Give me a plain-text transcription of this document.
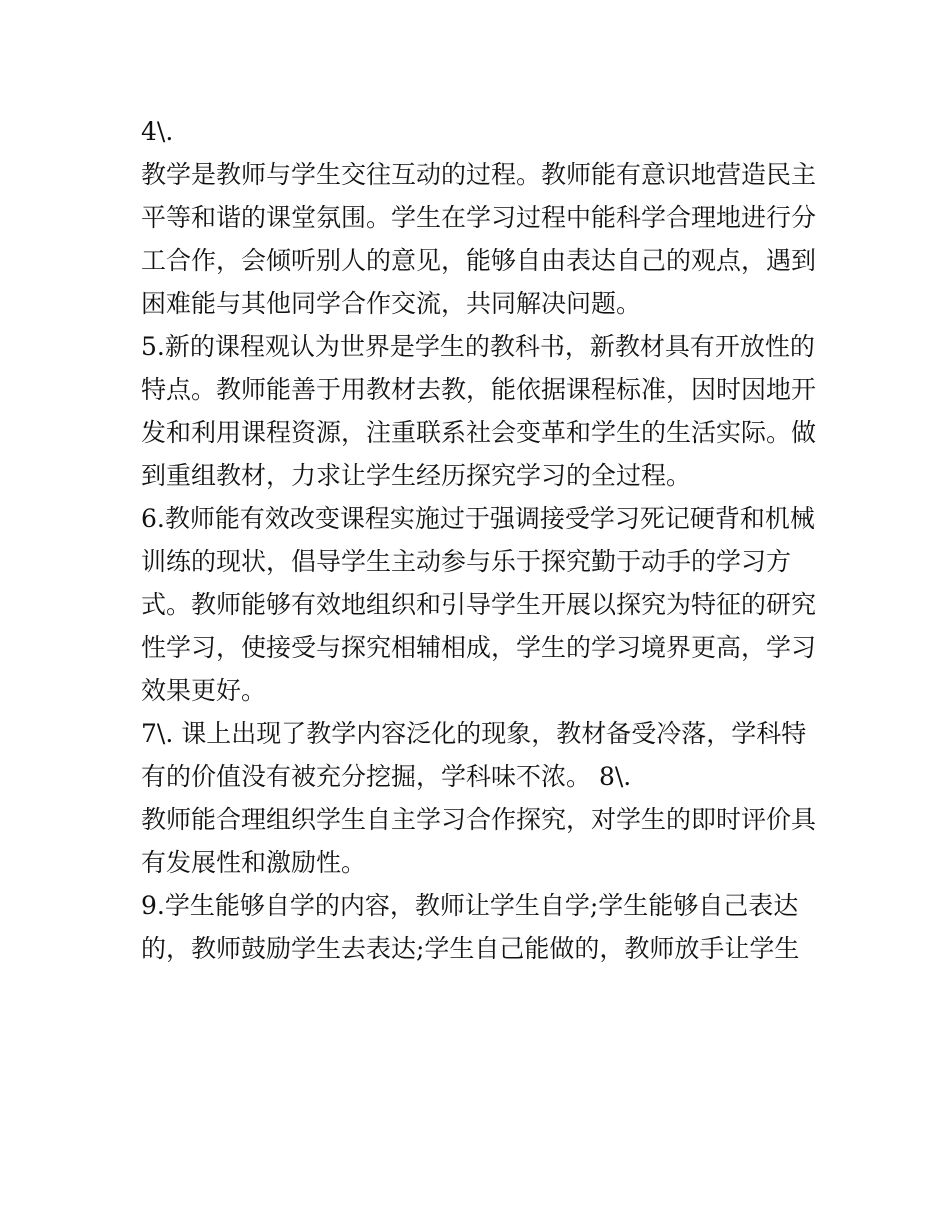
4\.
教学是教师与学生交往互动的过程。教师能有意识地营造民主
平等和谐的课堂氛围。学生在学习过程中能科学合理地进行分
工合作，会倾听别人的意见，能够自由表达自己的观点，遇到
困难能与其他同学合作交流，共同解决问题。
5.新的课程观认为世界是学生的教科书，新教材具有开放性的
特点。教师能善于用教材去教，能依据课程标准，因时因地开
发和利用课程资源，注重联系社会变革和学生的生活实际。做
到重组教材，力求让学生经历探究学习的全过程。
6.教师能有效改变课程实施过于强调接受学习死记硬背和机械
训练的现状，倡导学生主动参与乐于探究勤于动手的学习方
式。教师能够有效地组织和引导学生开展以探究为特征的研究
性学习，使接受与探究相辅相成，学生的学习境界更高，学习
效果更好。
7\. 课上出现了教学内容泛化的现象，教材备受冷落，学科特
有的价值没有被充分挖掘，学科味不浓。 8\.
教师能合理组织学生自主学习合作探究，对学生的即时评价具
有发展性和激励性。
9.学生能够自学的内容，教师让学生自学;学生能够自己表达
的，教师鼓励学生去表达;学生自己能做的，教师放手让学生
